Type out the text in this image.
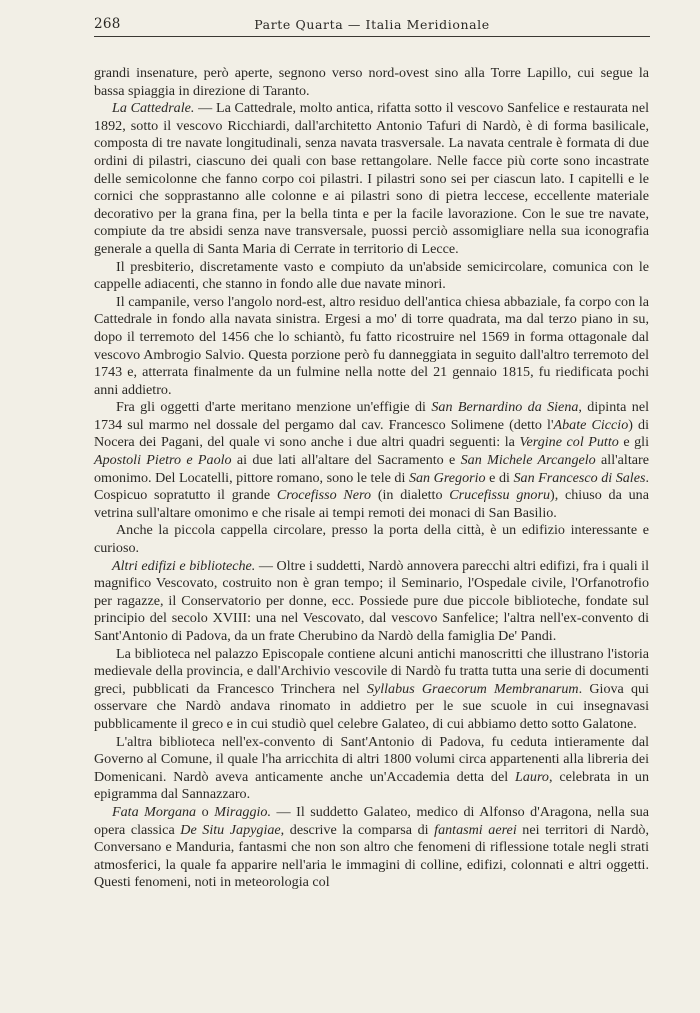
268	Parte Quarta — Italia Meridionale

grandi insenature, però aperte, segnono verso nord-ovest sino alla Torre Lapillo, cui segue la bassa spiaggia in direzione di Taranto.

La Cattedrale. — La Cattedrale, molto antica, rifatta sotto il vescovo Sanfelice e restaurata nel 1892, sotto il vescovo Ricchiardi, dall'architetto Antonio Tafuri di Nardò, è di forma basilicale, composta di tre navate longitudinali, senza navata trasversale. La navata centrale è formata di due ordini di pilastri, ciascuno dei quali con base rettangolare. Nelle facce più corte sono incastrate delle semicolonne che fanno corpo coi pilastri. I pilastri sono sei per ciascun lato. I capitelli e le cornici che sopprastanno alle colonne e ai pilastri sono di pietra leccese, eccellente materiale decorativo per la grana fina, per la bella tinta e per la facile lavorazione. Con le sue tre navate, compiute da tre absidi senza nave transversale, puossi perciò assomigliare nella sua iconografia generale a quella di Santa Maria di Cerrate in territorio di Lecce.

Il presbiterio, discretamente vasto e compiuto da un'abside semicircolare, comunica con le cappelle adiacenti, che stanno in fondo alle due navate minori.

Il campanile, verso l'angolo nord-est, altro residuo dell'antica chiesa abbaziale, fa corpo con la Cattedrale in fondo alla navata sinistra. Ergesi a mo' di torre quadrata, ma dal terzo piano in su, dopo il terremoto del 1456 che lo schiantò, fu fatto ricostruire nel 1569 in forma ottagonale dal vescovo Ambrogio Salvio. Questa porzione però fu danneggiata in seguito dall'altro terremoto del 1743 e, atterrata finalmente da un fulmine nella notte del 21 gennaio 1815, fu riedificata pochi anni addietro.

Fra gli oggetti d'arte meritano menzione un'effigie di San Bernardino da Siena, dipinta nel 1734 sul marmo nel dossale del pergamo dal cav. Francesco Solimene (detto l'Abate Ciccio) di Nocera dei Pagani, del quale vi sono anche i due altri quadri seguenti: la Vergine col Putto e gli Apostoli Pietro e Paolo ai due lati all'altare del Sacramento e San Michele Arcangelo all'altare omonimo. Del Locatelli, pittore romano, sono le tele di San Gregorio e di San Francesco di Sales. Cospicuo sopratutto il grande Crocefisso Nero (in dialetto Crucefissu gnoru), chiuso da una vetrina sull'altare omonimo e che risale ai tempi remoti dei monaci di San Basilio.

Anche la piccola cappella circolare, presso la porta della città, è un edifizio interessante e curioso.

Altri edifizi e biblioteche. — Oltre i suddetti, Nardò annovera parecchi altri edifizi, fra i quali il magnifico Vescovato, costruito non è gran tempo; il Seminario, l'Ospedale civile, l'Orfanotrofio per ragazze, il Conservatorio per donne, ecc. Possiede pure due piccole biblioteche, fondate sul principio del secolo XVIII: una nel Vescovato, dal vescovo Sanfelice; l'altra nell'ex-convento di Sant'Antonio di Padova, da un frate Cherubino da Nardò della famiglia De' Pandi.

La biblioteca nel palazzo Episcopale contiene alcuni antichi manoscritti che illustrano l'istoria medievale della provincia, e dall'Archivio vescovile di Nardò fu tratta tutta una serie di documenti greci, pubblicati da Francesco Trinchera nel Syllabus Graecorum Membranarum. Giova qui osservare che Nardò andava rinomato in addietro per le sue scuole in cui insegnavasi pubblicamente il greco e in cui studiò quel celebre Galateo, di cui abbiamo detto sotto Galatone.

L'altra biblioteca nell'ex-convento di Sant'Antonio di Padova, fu ceduta intieramente dal Governo al Comune, il quale l'ha arricchita di altri 1800 volumi circa appartenenti alla libreria dei Domenicani. Nardò aveva anticamente anche un'Accademia detta del Lauro, celebrata in un epigramma dal Sannazzaro.

Fata Morgana o Miraggio. — Il suddetto Galateo, medico di Alfonso d'Aragona, nella sua opera classica De Situ Japygiae, descrive la comparsa di fantasmi aerei nei territori di Nardò, Conversano e Manduria, fantasmi che non son altro che fenomeni di riflessione totale negli strati atmosferici, la quale fa apparire nell'aria le immagini di colline, edifizi, colonnati e altri oggetti. Questi fenomeni, noti in meteorologia col
